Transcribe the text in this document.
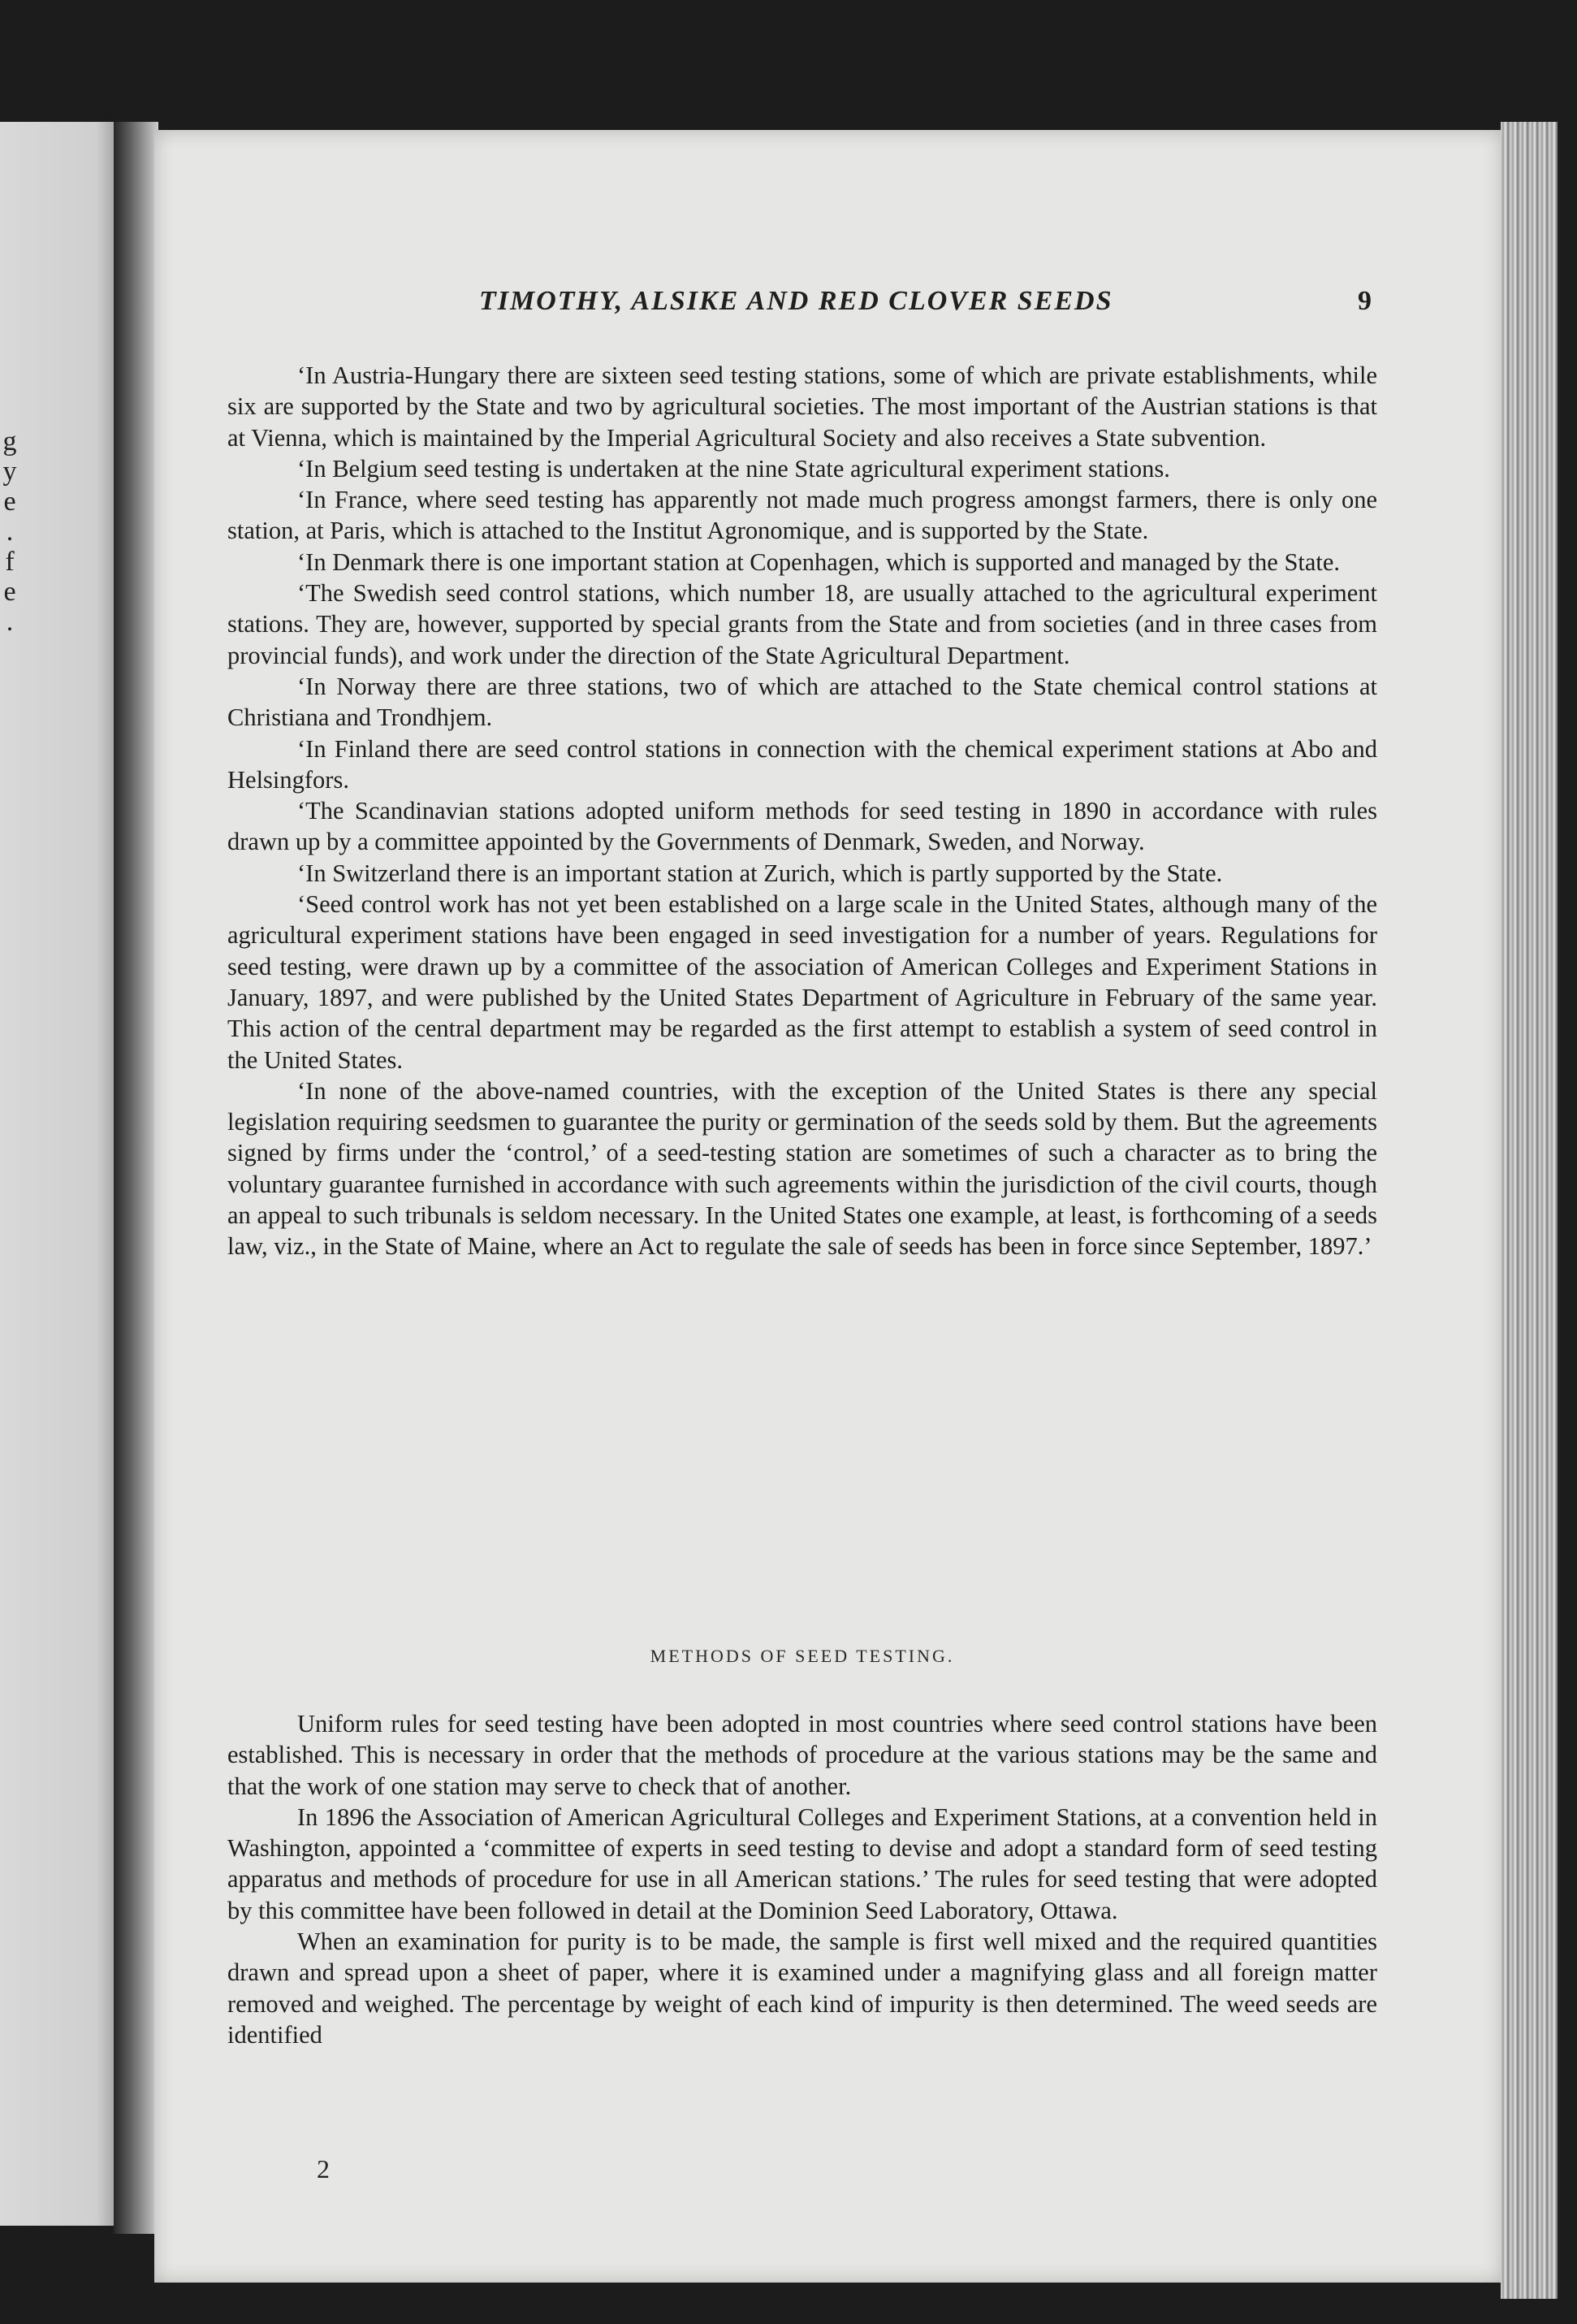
g
y
e
.
f
e
.
TIMOTHY, ALSIKE AND RED CLOVER SEEDS	9

‘In Austria-Hungary there are sixteen seed testing stations, some of which are private establishments, while six are supported by the State and two by agricultural societies. The most important of the Austrian stations is that at Vienna, which is maintained by the Imperial Agricultural Society and also receives a State subvention.

‘In Belgium seed testing is undertaken at the nine State agricultural experiment stations.

‘In France, where seed testing has apparently not made much progress amongst farmers, there is only one station, at Paris, which is attached to the Institut Agronomique, and is supported by the State.

‘In Denmark there is one important station at Copenhagen, which is supported and managed by the State.

‘The Swedish seed control stations, which number 18, are usually attached to the agricultural experiment stations. They are, however, supported by special grants from the State and from societies (and in three cases from provincial funds), and work under the direction of the State Agricultural Department.

‘In Norway there are three stations, two of which are attached to the State chemical control stations at Christiana and Trondhjem.

‘In Finland there are seed control stations in connection with the chemical experiment stations at Abo and Helsingfors.

‘The Scandinavian stations adopted uniform methods for seed testing in 1890 in accordance with rules drawn up by a committee appointed by the Governments of Denmark, Sweden, and Norway.

‘In Switzerland there is an important station at Zurich, which is partly supported by the State.

‘Seed control work has not yet been established on a large scale in the United States, although many of the agricultural experiment stations have been engaged in seed investigation for a number of years. Regulations for seed testing, were drawn up by a committee of the association of American Colleges and Experiment Stations in January, 1897, and were published by the United States Department of Agriculture in February of the same year. This action of the central department may be regarded as the first attempt to establish a system of seed control in the United States.

‘In none of the above-named countries, with the exception of the United States is there any special legislation requiring seedsmen to guarantee the purity or germination of the seeds sold by them. But the agreements signed by firms under the ‘control,’ of a seed-testing station are sometimes of such a character as to bring the voluntary guarantee furnished in accordance with such agreements within the jurisdiction of the civil courts, though an appeal to such tribunals is seldom necessary. In the United States one example, at least, is forthcoming of a seeds law, viz., in the State of Maine, where an Act to regulate the sale of seeds has been in force since September, 1897.’

METHODS OF SEED TESTING.

Uniform rules for seed testing have been adopted in most countries where seed control stations have been established. This is necessary in order that the methods of procedure at the various stations may be the same and that the work of one station may serve to check that of another.

In 1896 the Association of American Agricultural Colleges and Experiment Stations, at a convention held in Washington, appointed a ‘committee of experts in seed testing to devise and adopt a standard form of seed testing apparatus and methods of procedure for use in all American stations.’ The rules for seed testing that were adopted by this committee have been followed in detail at the Dominion Seed Laboratory, Ottawa.

When an examination for purity is to be made, the sample is first well mixed and the required quantities drawn and spread upon a sheet of paper, where it is examined under a magnifying glass and all foreign matter removed and weighed. The percentage by weight of each kind of impurity is then determined. The weed seeds are identified

2
